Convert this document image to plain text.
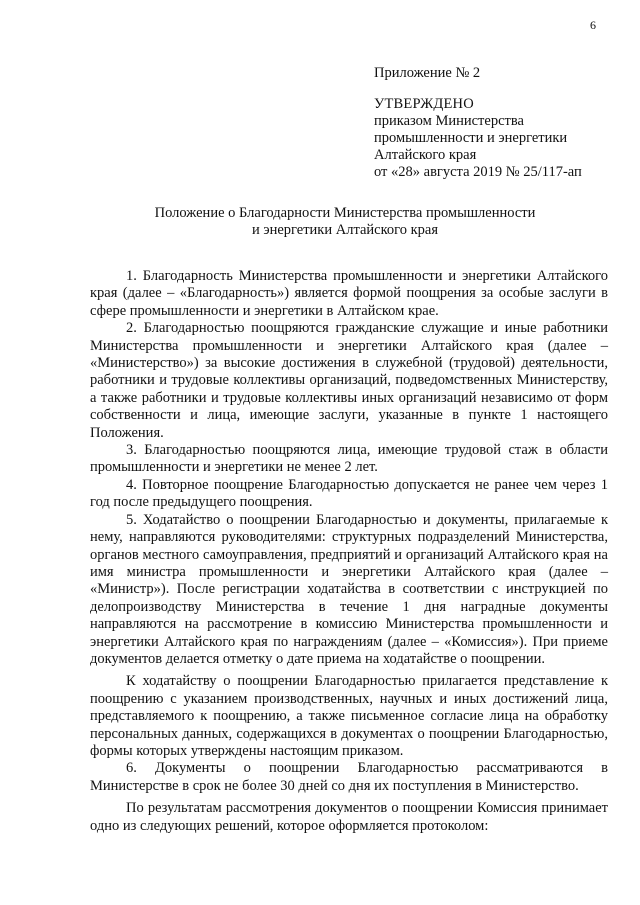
6
Приложение № 2
УТВЕРЖДЕНО
приказом Министерства
промышленности и энергетики
Алтайского края
от «28» августа 2019 № 25/117-ап
Положение о Благодарности Министерства промышленности
и энергетики Алтайского края

1. Благодарность Министерства промышленности и энергетики Алтайского края (далее – «Благодарность») является формой поощрения за особые заслуги в сфере промышленности и энергетики в Алтайском крае.

2. Благодарностью поощряются гражданские служащие и иные работники Министерства промышленности и энергетики Алтайского края (далее – «Министерство») за высокие достижения в служебной (трудовой) деятельности, работники и трудовые коллективы организаций, подведомственных Министерству, а также работники и трудовые коллективы иных организаций независимо от форм собственности и лица, имеющие заслуги, указанные в пункте 1 настоящего Положения.

3. Благодарностью поощряются лица, имеющие трудовой стаж в области промышленности и энергетики не менее 2 лет.

4. Повторное поощрение Благодарностью допускается не ранее чем через 1 год после предыдущего поощрения.

5. Ходатайство о поощрении Благодарностью и документы, прилагаемые к нему, направляются руководителями: структурных подразделений Министерства, органов местного самоуправления, предприятий и организаций Алтайского края на имя министра промышленности и энергетики Алтайского края (далее – «Министр»). После регистрации ходатайства в соответствии с инструкцией по делопроизводству Министерства в течение 1 дня наградные документы направляются на рассмотрение в комиссию Министерства промышленности и энергетики Алтайского края по награждениям (далее – «Комиссия»). При приеме документов делается отметку о дате приема на ходатайстве о поощрении.

К ходатайству о поощрении Благодарностью прилагается представление к поощрению с указанием производственных, научных и иных достижений лица, представляемого к поощрению, а также письменное согласие лица на обработку персональных данных, содержащихся в документах о поощрении Благодарностью, формы которых утверждены настоящим приказом.

6. Документы о поощрении Благодарностью рассматриваются в Министерстве в срок не более 30 дней со дня их поступления в Министерство.

По результатам рассмотрения документов о поощрении Комиссия принимает одно из следующих решений, которое оформляется протоколом:
